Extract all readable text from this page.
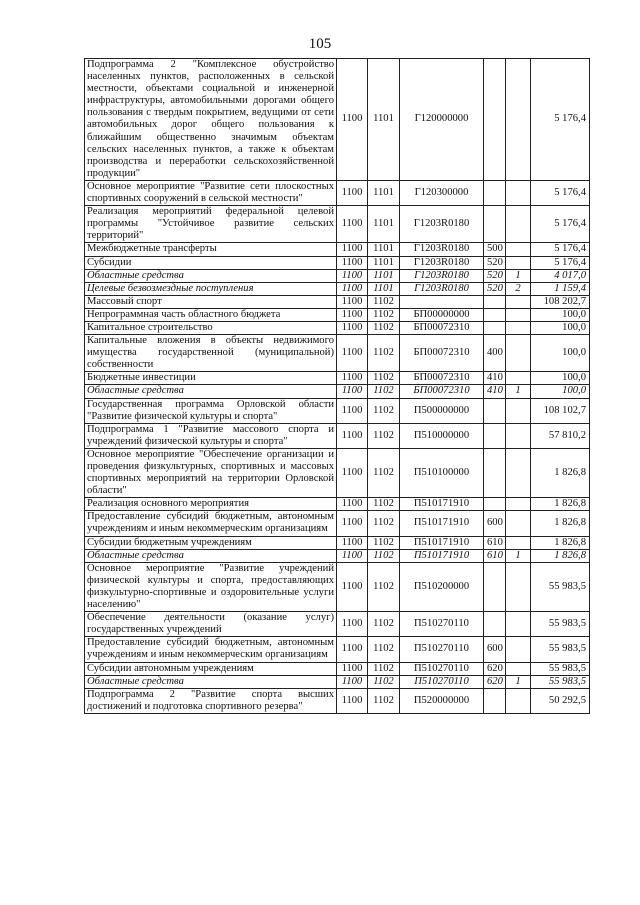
105
Подпрограмма 2 "Комплексное обустройство населенных пунктов, расположенных в сельской местности, объектами социальной и инженерной инфраструктуры, автомобильными дорогами общего пользования с твердым покрытием, ведущими от сети автомобильных дорог общего пользования к ближайшим общественно значимым объектам сельских населенных пунктов, а также к объектам производства и переработки сельскохозяйственной продукции"	1100	1101	Г120000000			5 176,4
Основное мероприятие "Развитие сети плоскостных спортивных сооружений в сельской местности"	1100	1101	Г120300000			5 176,4
Реализация мероприятий федеральной целевой программы "Устойчивое развитие сельских территорий"	1100	1101	Г1203R0180			5 176,4
Межбюджетные трансферты	1100	1101	Г1203R0180	500		5 176,4
Субсидии	1100	1101	Г1203R0180	520		5 176,4
Областные средства	1100	1101	Г1203R0180	520	1	4 017,0
Целевые безвозмездные поступления	1100	1101	Г1203R0180	520	2	1 159,4
Массовый спорт	1100	1102				108 202,7
Непрограммная часть областного бюджета	1100	1102	БП00000000			100,0
Капитальное строительство	1100	1102	БП00072310			100,0
Капитальные вложения в объекты недвижимого имущества государственной (муниципальной) собственности	1100	1102	БП00072310	400		100,0
Бюджетные инвестиции	1100	1102	БП00072310	410		100,0
Областные средства	1100	1102	БП00072310	410	1	100,0
Государственная программа Орловской области "Развитие физической культуры и спорта"	1100	1102	П500000000			108 102,7
Подпрограмма 1 "Развитие массового спорта и учреждений физической культуры и спорта"	1100	1102	П510000000			57 810,2
Основное мероприятие "Обеспечение организации и проведения физкультурных, спортивных и массовых спортивных мероприятий на территории Орловской области"	1100	1102	П510100000			1 826,8
Реализация основного мероприятия	1100	1102	П510171910			1 826,8
Предоставление субсидий бюджетным, автономным учреждениям и иным некоммерческим организациям	1100	1102	П510171910	600		1 826,8
Субсидии бюджетным учреждениям	1100	1102	П510171910	610		1 826,8
Областные средства	1100	1102	П510171910	610	1	1 826,8
Основное мероприятие "Развитие учреждений физической культуры и спорта, предоставляющих физкультурно-спортивные и оздоровительные услуги населению"	1100	1102	П510200000			55 983,5
Обеспечение деятельности (оказание услуг) государственных учреждений	1100	1102	П510270110			55 983,5
Предоставление субсидий бюджетным, автономным учреждениям и иным некоммерческим организациям	1100	1102	П510270110	600		55 983,5
Субсидии автономным учреждениям	1100	1102	П510270110	620		55 983,5
Областные средства	1100	1102	П510270110	620	1	55 983,5
Подпрограмма 2 "Развитие спорта высших достижений и подготовка спортивного резерва"	1100	1102	П520000000			50 292,5
